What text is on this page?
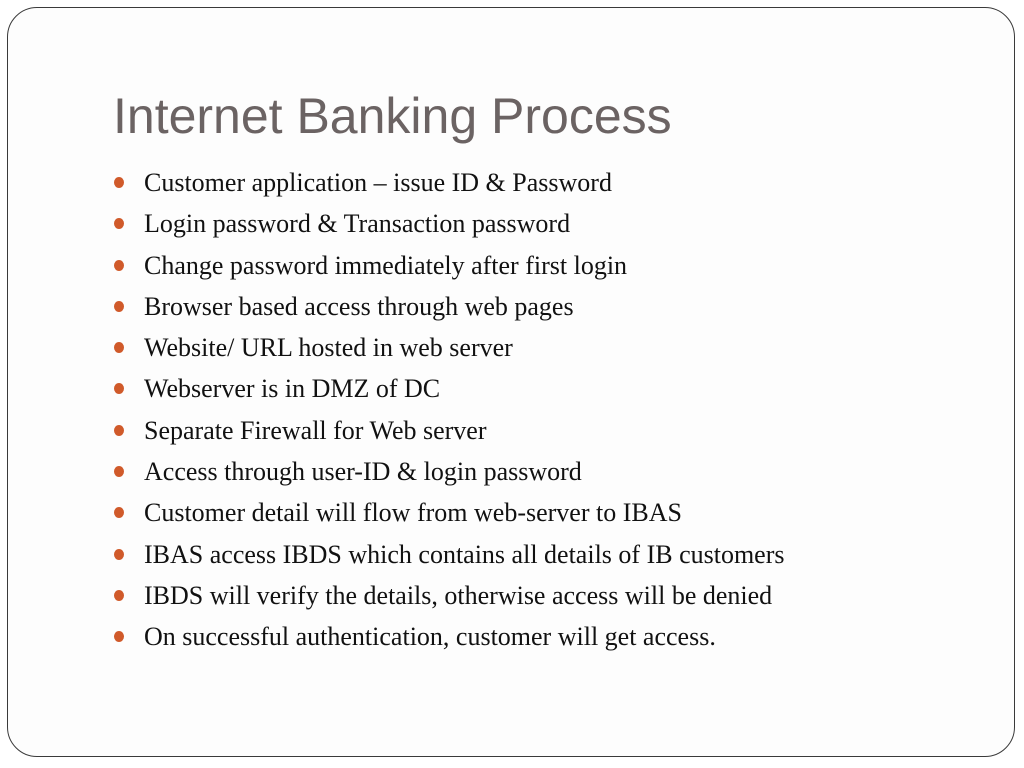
Internet Banking Process
Customer application – issue ID & Password
Login password & Transaction password
Change password immediately after first login
Browser based access through web pages
Website/ URL hosted in web server
Webserver is in DMZ of DC
Separate Firewall for Web server
Access through user-ID & login password
Customer detail will flow from web-server to IBAS
IBAS access IBDS which contains all details of IB customers
IBDS will verify the details, otherwise access will be denied
On successful authentication, customer will get access.
